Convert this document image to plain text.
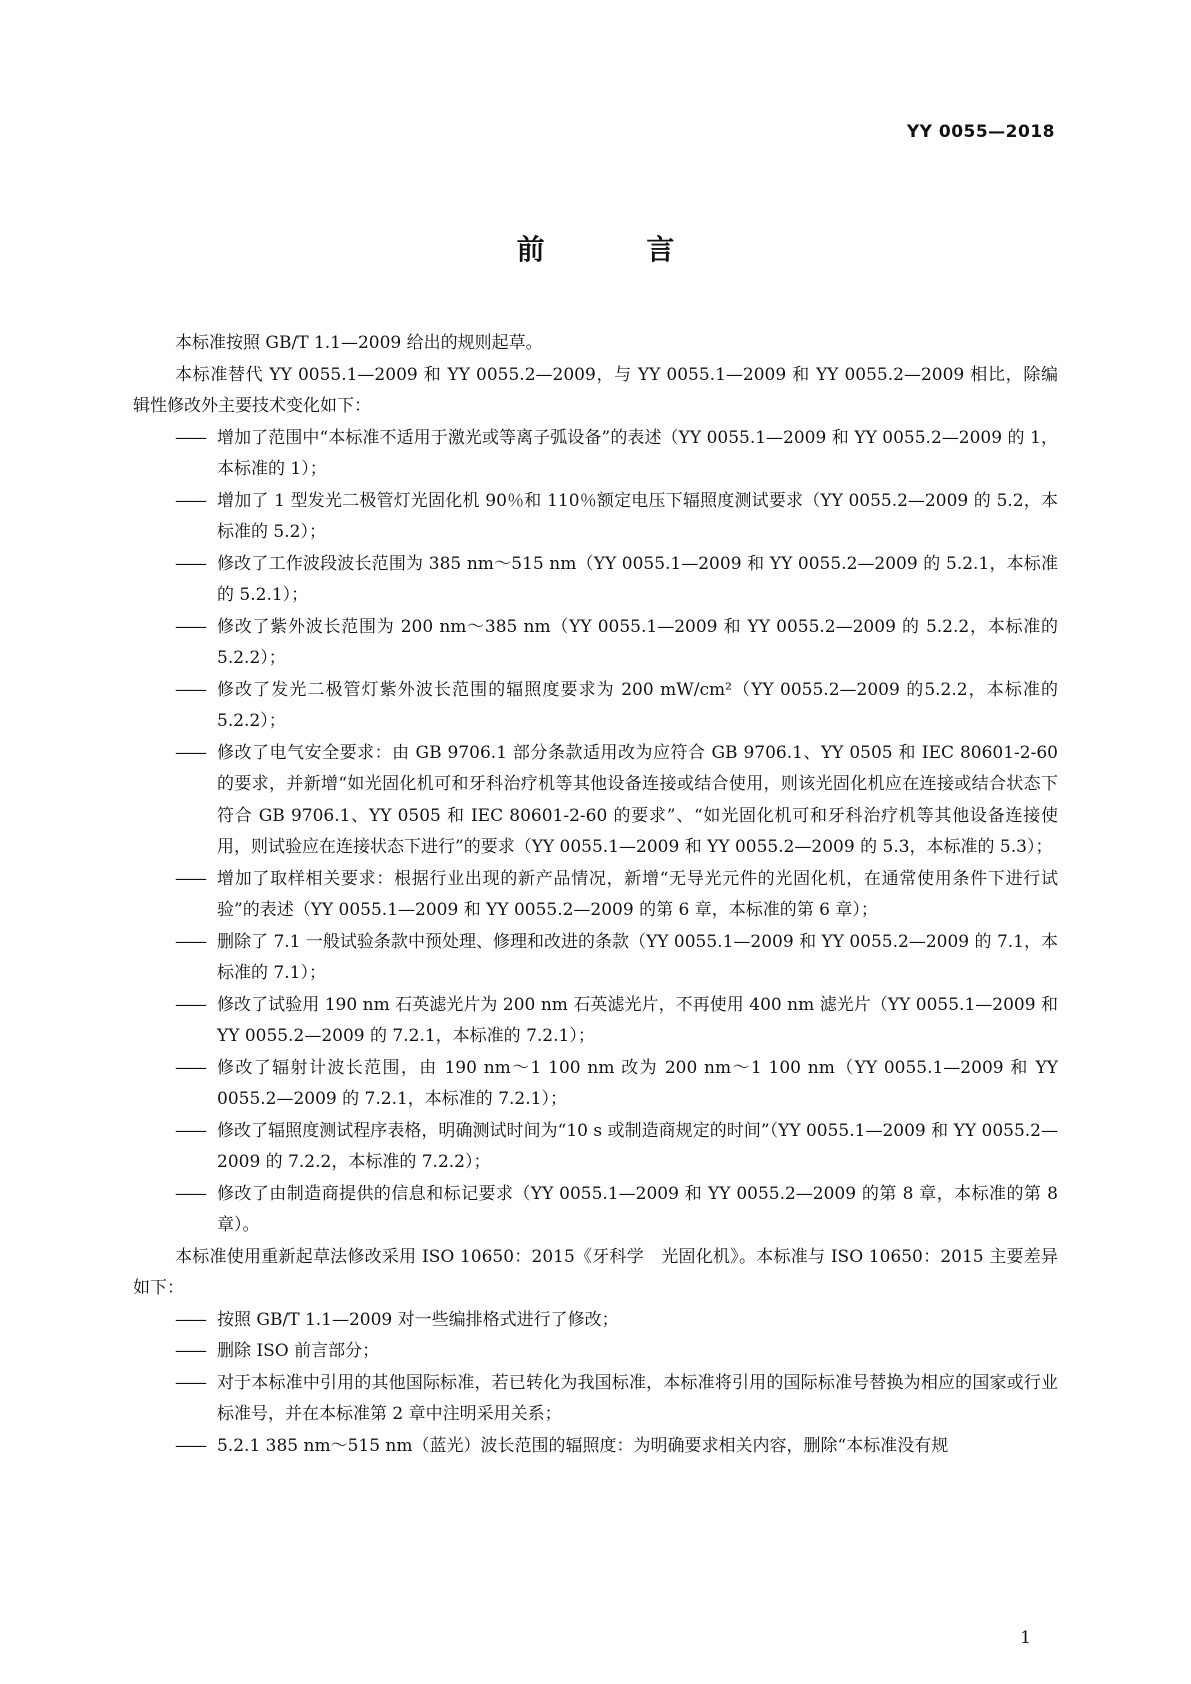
YY 0055—2018
前 言

本标准按照 GB/T 1.1—2009 给出的规则起草。

本标准替代 YY 0055.1—2009 和 YY 0055.2—2009，与 YY 0055.1—2009 和 YY 0055.2—2009 相比，除编辑性修改外主要技术变化如下：

—— 增加了范围中“本标准不适用于激光或等离子弧设备”的表述（YY 0055.1—2009 和 YY 0055.2—2009 的 1，本标准的 1）；

—— 增加了 1 型发光二极管灯光固化机 90％和 110％额定电压下辐照度测试要求（YY 0055.2—2009 的 5.2，本标准的 5.2）；

—— 修改了工作波段波长范围为 385 nm～515 nm（YY 0055.1—2009 和 YY 0055.2—2009 的 5.2.1，本标准的 5.2.1）；

—— 修改了紫外波长范围为 200 nm～385 nm（YY 0055.1—2009 和 YY 0055.2—2009 的 5.2.2，本标准的 5.2.2）；

—— 修改了发光二极管灯紫外波长范围的辐照度要求为 200 mW/cm²（YY 0055.2—2009 的5.2.2，本标准的 5.2.2）；

—— 修改了电气安全要求：由 GB 9706.1 部分条款适用改为应符合 GB 9706.1、YY 0505 和 IEC 80601-2-60 的要求，并新增“如光固化机可和牙科治疗机等其他设备连接或结合使用，则该光固化机应在连接或结合状态下符合 GB 9706.1、YY 0505 和 IEC 80601-2-60 的要求”、“如光固化机可和牙科治疗机等其他设备连接使用，则试验应在连接状态下进行”的要求（YY 0055.1—2009 和 YY 0055.2—2009 的 5.3，本标准的 5.3）；

—— 增加了取样相关要求：根据行业出现的新产品情况，新增“无导光元件的光固化机，在通常使用条件下进行试验”的表述（YY 0055.1—2009 和 YY 0055.2—2009 的第 6 章，本标准的第 6 章）；

—— 删除了 7.1 一般试验条款中预处理、修理和改进的条款（YY 0055.1—2009 和 YY 0055.2—2009 的 7.1，本标准的 7.1）；

—— 修改了试验用 190 nm 石英滤光片为 200 nm 石英滤光片，不再使用 400 nm 滤光片（YY 0055.1—2009 和 YY 0055.2—2009 的 7.2.1，本标准的 7.2.1）；

—— 修改了辐射计波长范围，由 190 nm～1 100 nm 改为 200 nm～1 100 nm（YY 0055.1—2009 和 YY 0055.2—2009 的 7.2.1，本标准的 7.2.1）；

—— 修改了辐照度测试程序表格，明确测试时间为“10 s 或制造商规定的时间”（YY 0055.1—2009 和 YY 0055.2—2009 的 7.2.2，本标准的 7.2.2）；

—— 修改了由制造商提供的信息和标记要求（YY 0055.1—2009 和 YY 0055.2—2009 的第 8 章，本标准的第 8 章）。

本标准使用重新起草法修改采用 ISO 10650：2015《牙科学　光固化机》。本标准与 ISO 10650：2015 主要差异如下：

—— 按照 GB/T 1.1—2009 对一些编排格式进行了修改；

—— 删除 ISO 前言部分；

—— 对于本标准中引用的其他国际标准，若已转化为我国标准，本标准将引用的国际标准号替换为相应的国家或行业标准号，并在本标准第 2 章中注明采用关系；

—— 5.2.1 385 nm～515 nm（蓝光）波长范围的辐照度：为明确要求相关内容，删除“本标准没有规

1
